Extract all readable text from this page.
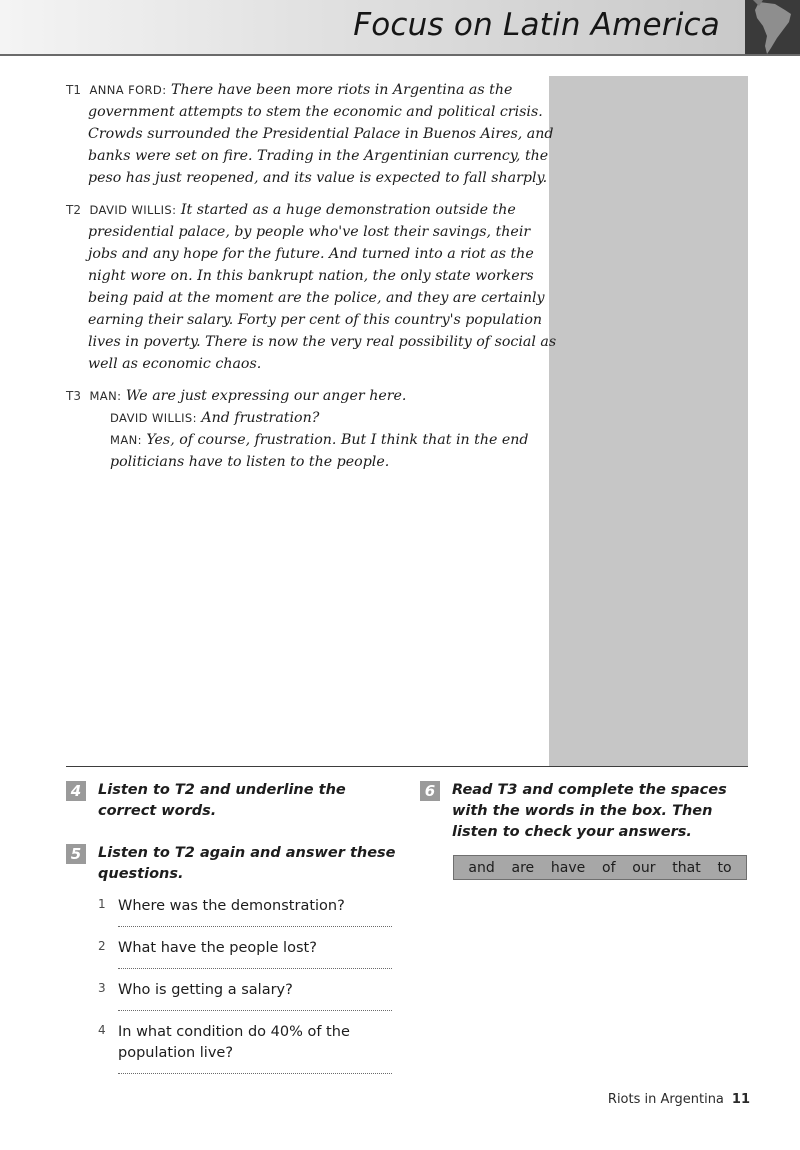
Focus on Latin America
T1 ANNA FORD: There have been more riots in Argentina as the government attempts to stem the economic and political crisis. Crowds surrounded the Presidential Palace in Buenos Aires, and banks were set on fire. Trading in the Argentinian currency, the peso has just reopened, and its value is expected to fall sharply.
T2 DAVID WILLIS: It started as a huge demonstration outside the presidential palace, by people who've lost their savings, their jobs and any hope for the future. And turned into a riot as the night wore on. In this bankrupt nation, the only state workers being paid at the moment are the police, and they are certainly earning their salary. Forty per cent of this country's population lives in poverty. There is now the very real possibility of social as well as economic chaos.
T3 MAN: We are just expressing our anger here.
DAVID WILLIS: And frustration?
MAN: Yes, of course, frustration. But I think that in the end politicians have to listen to the people.
4	Listen to T2 and underline the correct words.
5	Listen to T2 again and answer these questions.
1 Where was the demonstration?
2 What have the people lost?
3 Who is getting a salary?
4 In what condition do 40% of the population live?
6	Read T3 and complete the spaces with the words in the box. Then listen to check your answers.
and are have of our that to
Riots in Argentina 11
